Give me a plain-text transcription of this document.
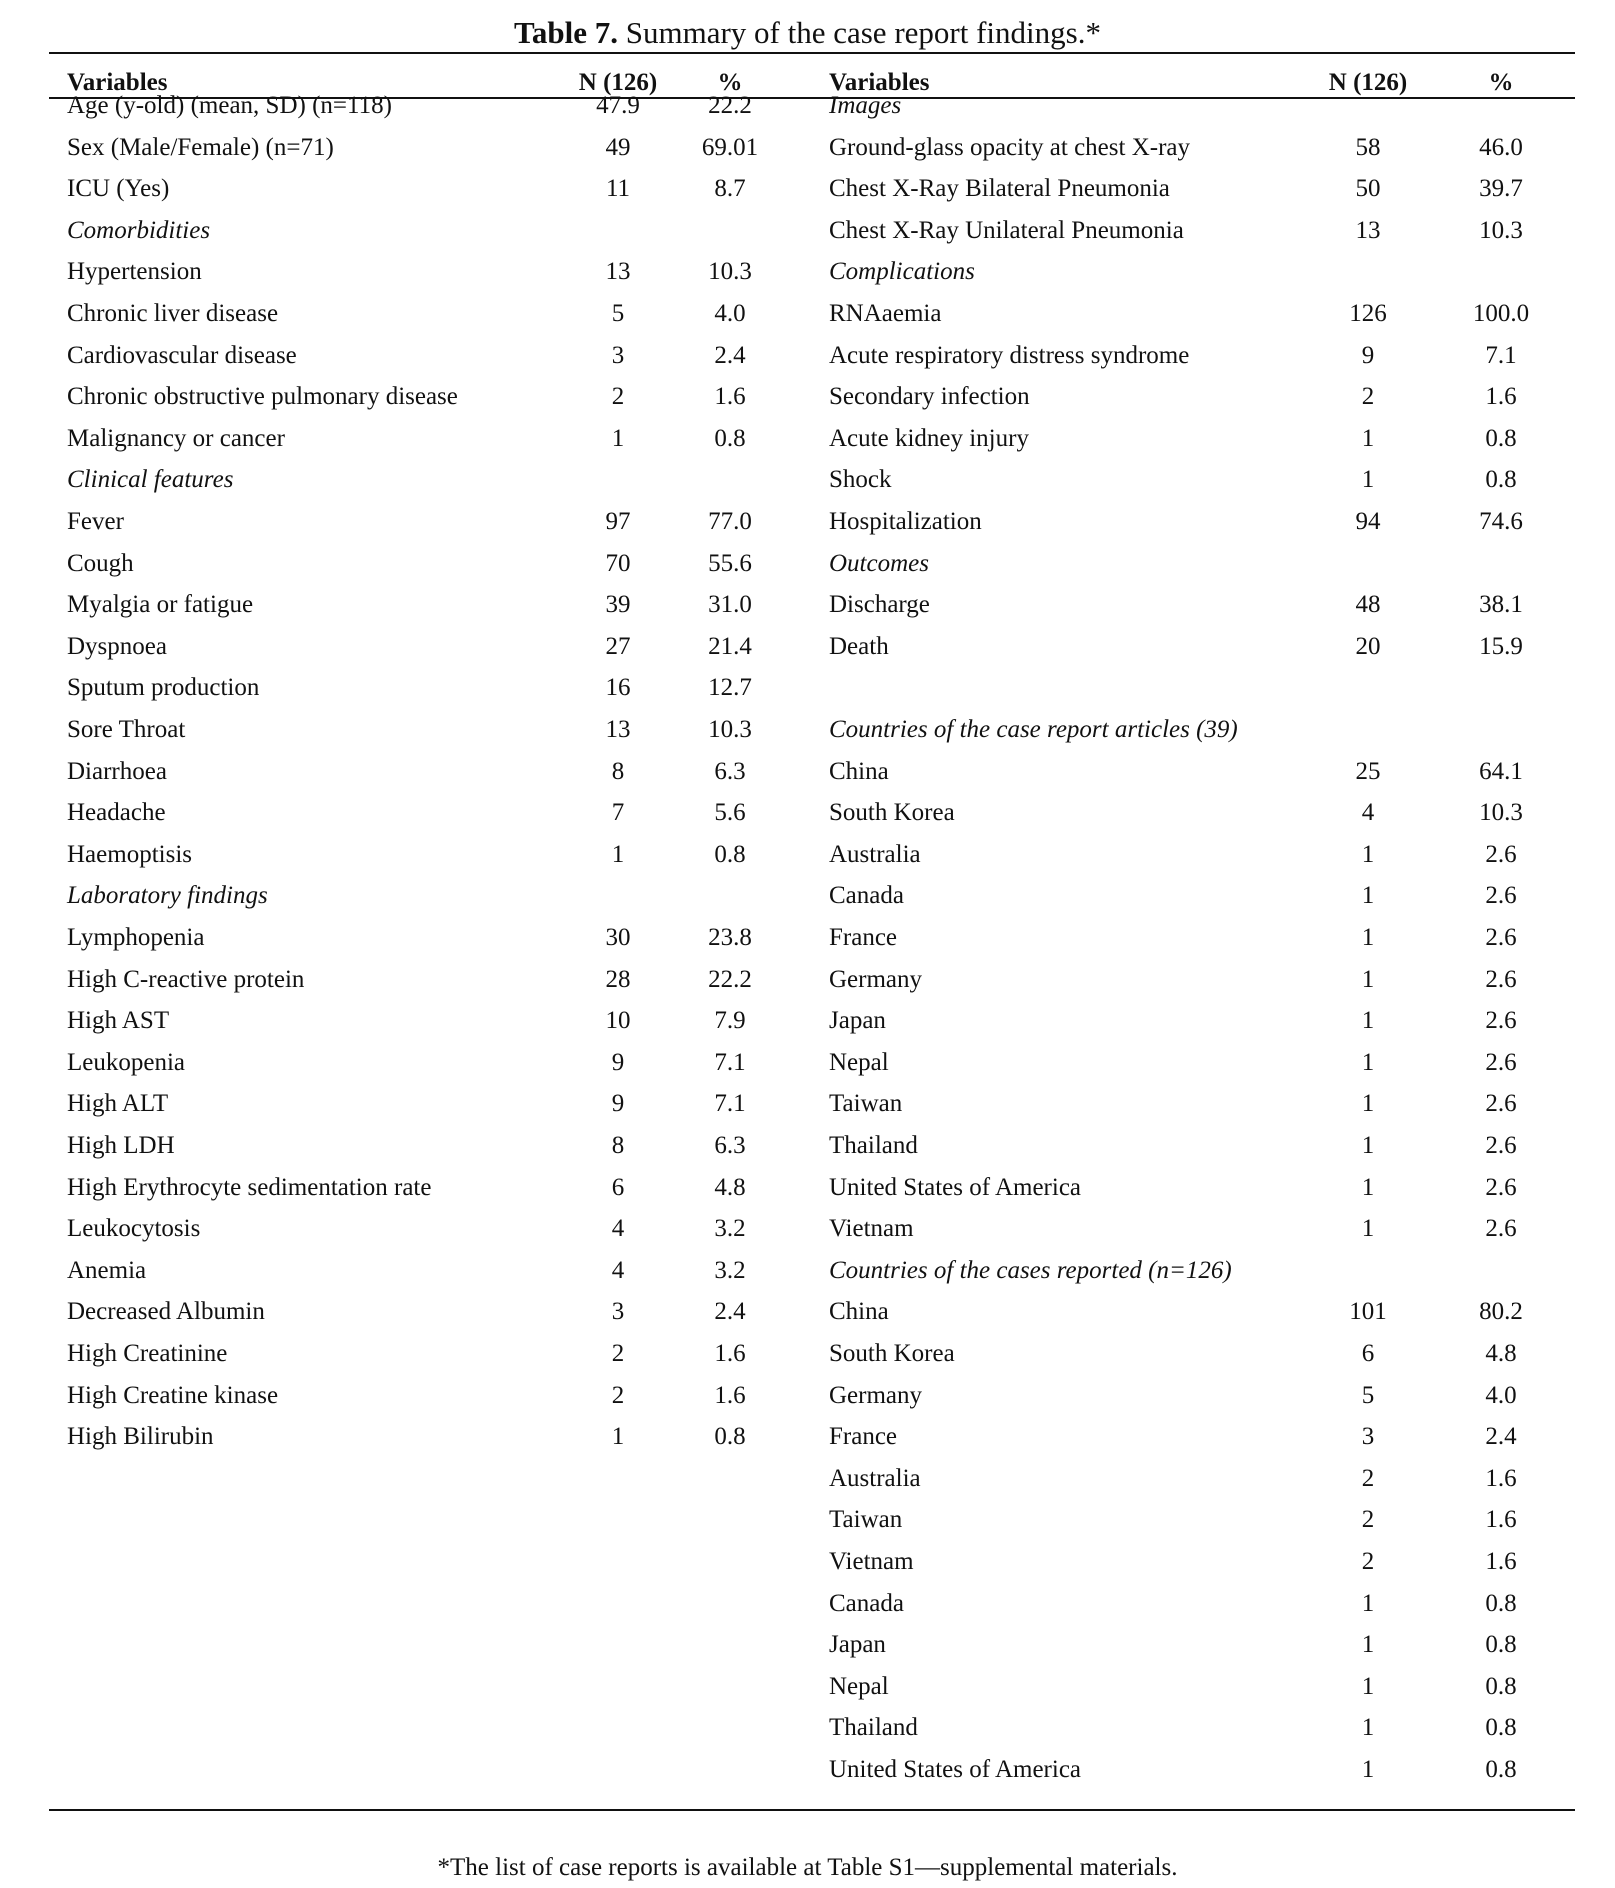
Table 7. Summary of the case report findings.*
Variables	N (126)	%	Variables	N (126)	%
Age (y-old) (mean, SD) (n=118)	47.9	22.2
Sex (Male/Female) (n=71)	49	69.01
ICU (Yes)	11	8.7
Comorbidities
Hypertension	13	10.3
Chronic liver disease	5	4.0
Cardiovascular disease	3	2.4
Chronic obstructive pulmonary disease	2	1.6
Malignancy or cancer	1	0.8
Clinical features
Fever	97	77.0
Cough	70	55.6
Myalgia or fatigue	39	31.0
Dyspnoea	27	21.4
Sputum production	16	12.7
Sore Throat	13	10.3
Diarrhoea	8	6.3
Headache	7	5.6
Haemoptisis	1	0.8
Laboratory findings
Lymphopenia	30	23.8
High C-reactive protein	28	22.2
High AST	10	7.9
Leukopenia	9	7.1
High ALT	9	7.1
High LDH	8	6.3
High Erythrocyte sedimentation rate	6	4.8
Leukocytosis	4	3.2
Anemia	4	3.2
Decreased Albumin	3	2.4
High Creatinine	2	1.6
High Creatine kinase	2	1.6
High Bilirubin	1	0.8
Images
Ground-glass opacity at chest X-ray	58	46.0
Chest X-Ray Bilateral Pneumonia	50	39.7
Chest X-Ray Unilateral Pneumonia	13	10.3
Complications
RNAaemia	126	100.0
Acute respiratory distress syndrome	9	7.1
Secondary infection	2	1.6
Acute kidney injury	1	0.8
Shock	1	0.8
Hospitalization	94	74.6
Outcomes
Discharge	48	38.1
Death	20	15.9
Countries of the case report articles (39)
China	25	64.1
South Korea	4	10.3
Australia	1	2.6
Canada	1	2.6
France	1	2.6
Germany	1	2.6
Japan	1	2.6
Nepal	1	2.6
Taiwan	1	2.6
Thailand	1	2.6
United States of America	1	2.6
Vietnam	1	2.6
Countries of the cases reported (n=126)
China	101	80.2
South Korea	6	4.8
Germany	5	4.0
France	3	2.4
Australia	2	1.6
Taiwan	2	1.6
Vietnam	2	1.6
Canada	1	0.8
Japan	1	0.8
Nepal	1	0.8
Thailand	1	0.8
United States of America	1	0.8
*The list of case reports is available at Table S1—supplemental materials.
